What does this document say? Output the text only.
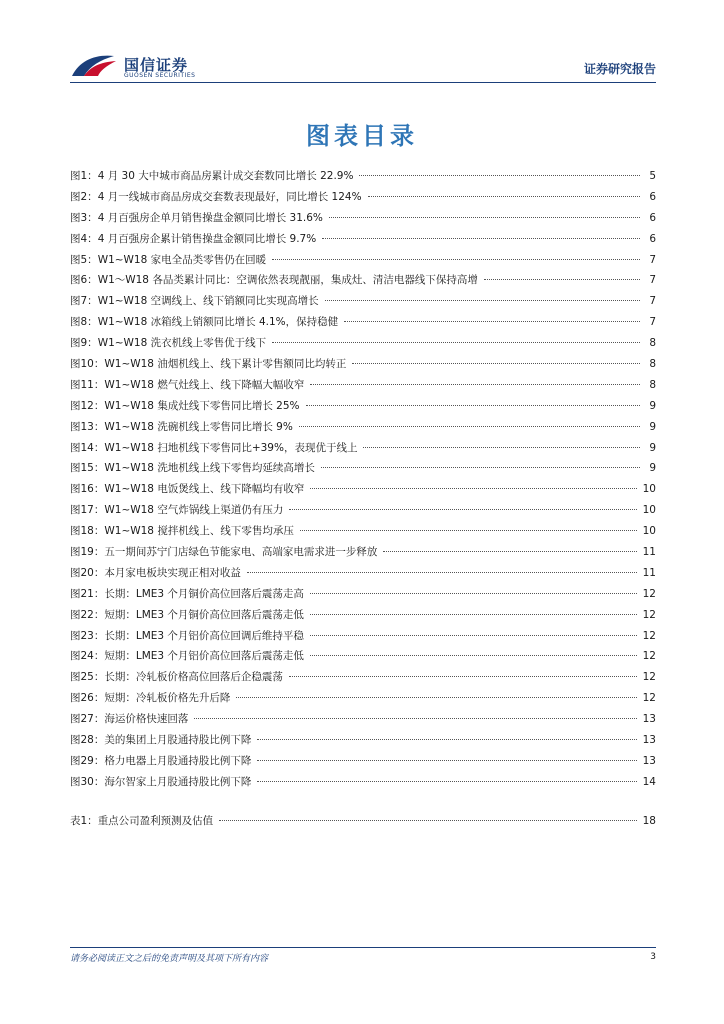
国信证券
GUOSEN SECURITIES	证券研究报告
图表目录
图1： 4 月 30 大中城市商品房累计成交套数同比增长 22.9%	5
图2： 4 月一线城市商品房成交套数表现最好，同比增长 124%	6
图3： 4 月百强房企单月销售操盘金额同比增长 31.6%	6
图4： 4 月百强房企累计销售操盘金额同比增长 9.7%	6
图5： W1~W18 家电全品类零售仍在回暖	7
图6： W1～W18 各品类累计同比：空调依然表现靓丽，集成灶、清洁电器线下保持高增	7
图7： W1~W18 空调线上、线下销额同比实现高增长	7
图8： W1~W18 冰箱线上销额同比增长 4.1%，保持稳健	7
图9： W1~W18 洗衣机线上零售优于线下	8
图10： W1~W18 油烟机线上、线下累计零售额同比均转正	8
图11： W1~W18 燃气灶线上、线下降幅大幅收窄	8
图12： W1~W18 集成灶线下零售同比增长 25%	9
图13： W1~W18 洗碗机线上零售同比增长 9%	9
图14： W1~W18 扫地机线下零售同比+39%，表现优于线上	9
图15： W1~W18 洗地机线上线下零售均延续高增长	9
图16： W1~W18 电饭煲线上、线下降幅均有收窄	10
图17： W1~W18 空气炸锅线上渠道仍有压力	10
图18： W1~W18 搅拌机线上、线下零售均承压	10
图19： 五一期间苏宁门店绿色节能家电、高端家电需求进一步释放	11
图20： 本月家电板块实现正相对收益	11
图21： 长期：LME3 个月铜价高位回落后震荡走高	12
图22： 短期：LME3 个月铜价高位回落后震荡走低	12
图23： 长期：LME3 个月铝价高位回调后维持平稳	12
图24： 短期：LME3 个月铝价高位回落后震荡走低	12
图25： 长期：冷轧板价格高位回落后企稳震荡	12
图26： 短期：冷轧板价格先升后降	12
图27： 海运价格快速回落	13
图28： 美的集团上月股通持股比例下降	13
图29： 格力电器上月股通持股比例下降	13
图30： 海尔智家上月股通持股比例下降	14
表1： 重点公司盈利预测及估值	18
请务必阅读正文之后的免责声明及其项下所有内容	3
